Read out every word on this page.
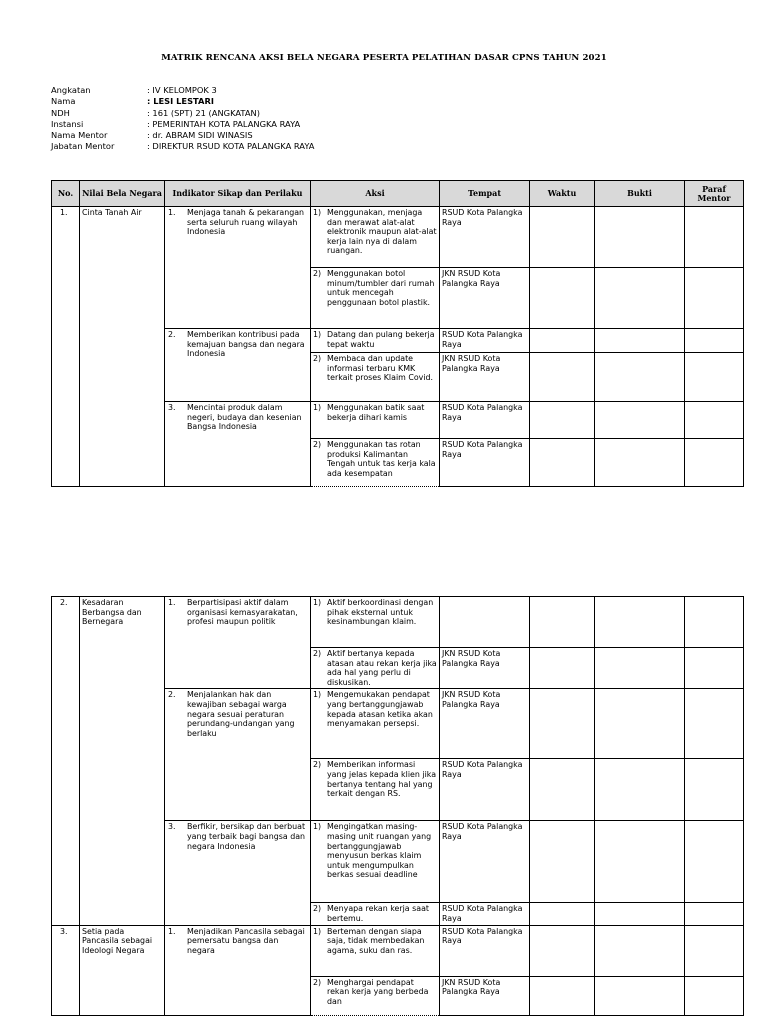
MATRIK RENCANA AKSI BELA NEGARA PESERTA PELATIHAN DASAR CPNS TAHUN 2021
Angkatan	: IV KELOMPOK 3
Nama	: LESI LESTARI
NDH	: 161 (SPT) 21 (ANGKATAN)
Instansi	: PEMERINTAH KOTA PALANGKA RAYA
Nama Mentor	: dr. ABRAM SIDI WINASIS
Jabatan Mentor	: DIREKTUR RSUD KOTA PALANGKA RAYA
No.	Nilai Bela Negara	Indikator Sikap dan Perilaku	Aksi	Tempat	Waktu	Bukti	Paraf Mentor
1.	Cinta Tanah Air	1. Menjaga tanah & pekarangan serta seluruh ruang wilayah Indonesia	1) Menggunakan, menjaga dan merawat alat-alat elektronik maupun alat-alat kerja lain nya di dalam ruangan.	RSUD Kota Palangka Raya			

			2) Menggunakan botol minum/tumbler dari rumah untuk mencegah penggunaan botol plastik.	JKN RSUD Kota Palangka Raya			

		2. Memberikan kontribusi pada kemajuan bangsa dan negara Indonesia	1) Datang dan pulang bekerja tepat waktu	RSUD Kota Palangka Raya			

			2) Membaca dan update informasi terbaru KMK terkait proses Klaim Covid.	JKN RSUD Kota Palangka Raya			

		3. Mencintai produk dalam negeri, budaya dan kesenian Bangsa Indonesia	1) Menggunakan batik saat bekerja dihari kamis	RSUD Kota Palangka Raya			

			2) Menggunakan tas rotan produksi Kalimantan Tengah untuk tas kerja kala ada kesempatan	RSUD Kota Palangka Raya			
2.	Kesadaran Berbangsa dan Bernegara	1. Berpartisipasi aktif dalam organisasi kemasyarakatan, profesi maupun politik	1) Aktif berkoordinasi dengan pihak eksternal untuk kesinambungan klaim.				

			2) Aktif bertanya kepada atasan atau rekan kerja jika ada hal yang perlu di diskusikan.	JKN RSUD Kota Palangka Raya			

		2. Menjalankan hak dan kewajiban sebagai warga negara sesuai peraturan perundang-undangan yang berlaku	1) Mengemukakan pendapat yang bertanggungjawab kepada atasan ketika akan menyamakan persepsi.	JKN RSUD Kota Palangka Raya			

			2) Memberikan informasi yang jelas kepada klien jika bertanya tentang hal yang terkait dengan RS.	RSUD Kota Palangka Raya			

		3. Berfikir, bersikap dan berbuat yang terbaik bagi bangsa dan negara Indonesia	1) Mengingatkan masing-masing unit ruangan yang bertanggungjawab menyusun berkas klaim untuk mengumpulkan berkas sesuai deadline	RSUD Kota Palangka Raya			

			2) Menyapa rekan kerja saat bertemu.	RSUD Kota Palangka Raya			
3.	Setia pada Pancasila sebagai Ideologi Negara	1. Menjadikan Pancasila sebagai pemersatu bangsa dan negara	1) Berteman dengan siapa saja, tidak membedakan agama, suku dan ras.	RSUD Kota Palangka Raya			

			2) Menghargai pendapat rekan kerja yang berbeda dan	JKN RSUD Kota Palangka Raya			
